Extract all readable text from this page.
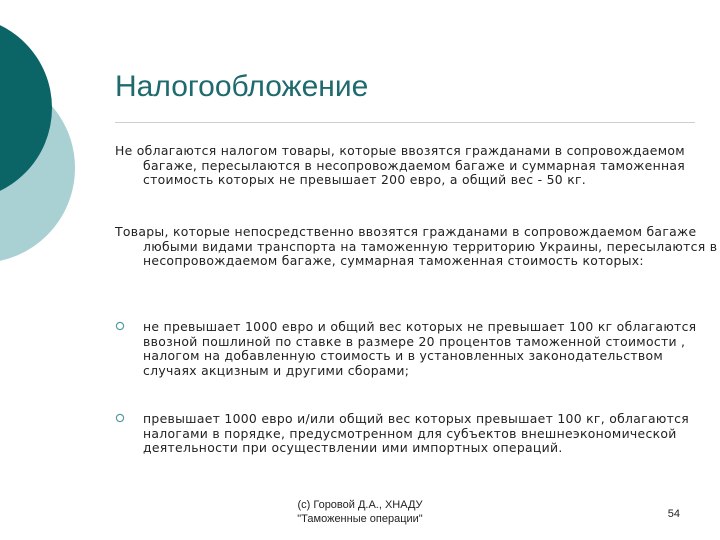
Налогообложение

Не облагаются налогом товары, которые ввозятся гражданами в сопровождаемом багаже, пересылаются в несопровождаемом багаже и суммарная таможенная стоимость которых не превышает 200 евро, а общий вес - 50 кг.

Товары, которые непосредственно ввозятся гражданами в сопровождаемом багаже любыми видами транспорта на таможенную территорию Украины, пересылаются в несопровождаемом багаже, суммарная таможенная стоимость которых:

не превышает 1000 евро и общий вес которых не превышает 100 кг облагаются ввозной пошлиной по ставке в размере 20 процентов таможенной стоимости , налогом на добавленную стоимость и в установленных законодательством случаях акцизным и другими сборами;
превышает 1000 евро и/или общий вес которых превышает 100 кг, облагаются налогами в порядке, предусмотренном для субъектов внешнеэкономической деятельности при осуществлении ими импортных операций.
(c) Горовой Д.А., ХНАДУ
"Таможенные операции"	54
